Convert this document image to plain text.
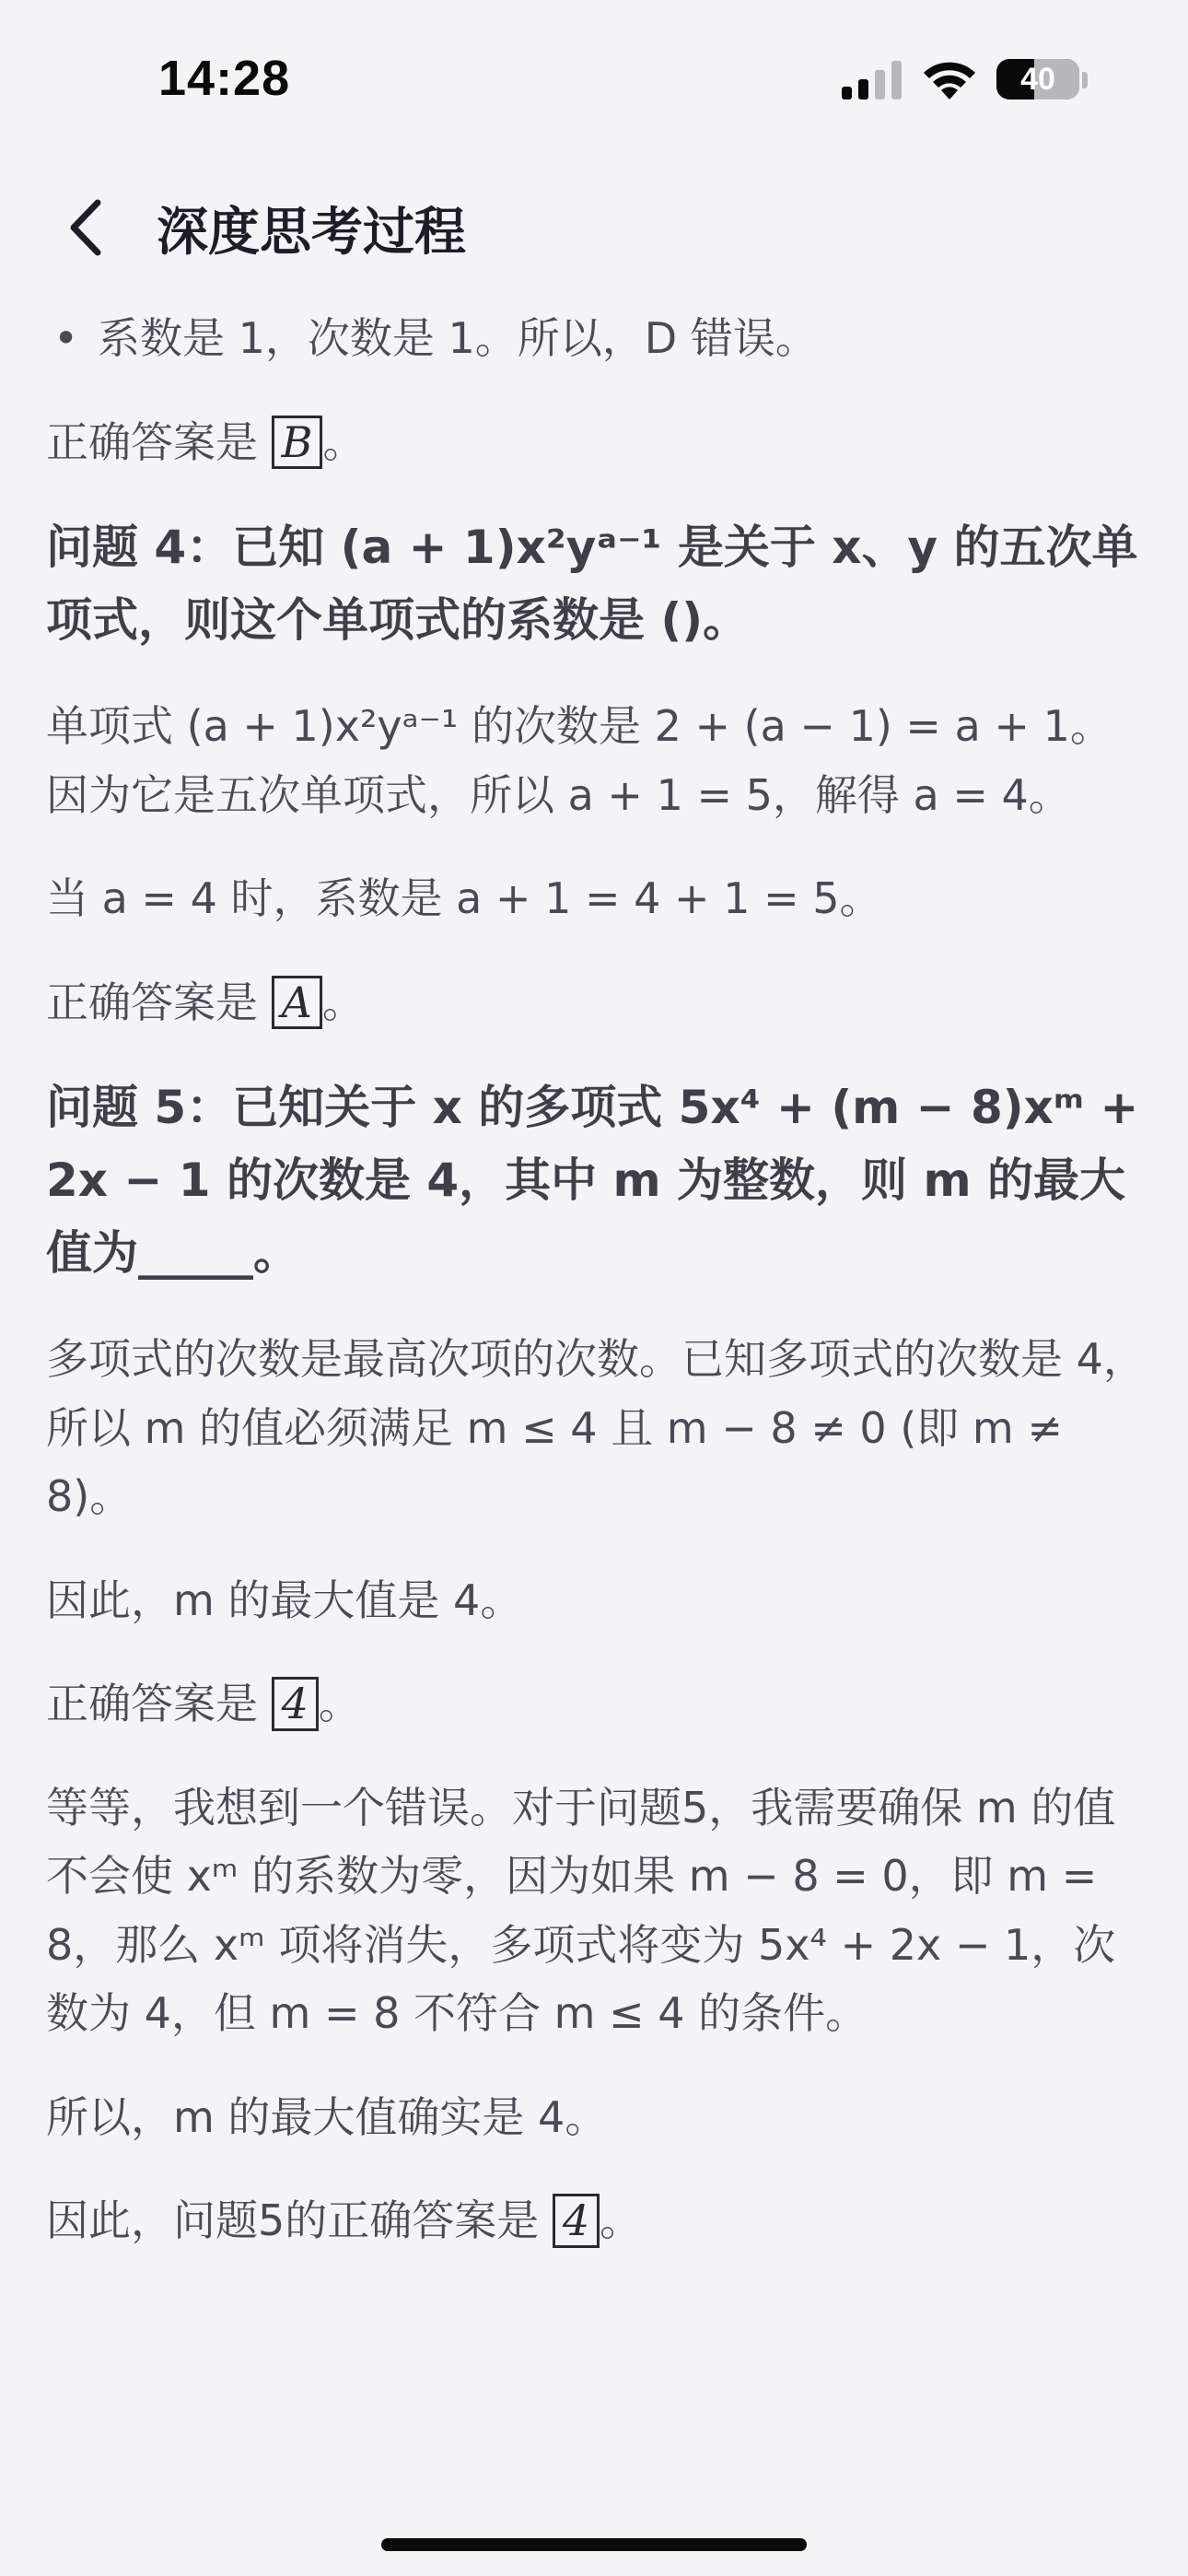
14:28	40
深度思考过程

• 系数是 1，次数是 1。所以，D 错误。

正确答案是 B 。

问题 4：已知 (a + 1)x²yᵃ⁻¹ 是关于 x、y 的五次单项式，则这个单项式的系数是 ()。

单项式 (a + 1)x²yᵃ⁻¹ 的次数是 2 + (a − 1) = a + 1。因为它是五次单项式，所以 a + 1 = 5，解得 a = 4。

当 a = 4 时，系数是 a + 1 = 4 + 1 = 5。

正确答案是 A 。

问题 5：已知关于 x 的多项式 5x⁴ + (m − 8)xᵐ + 2x − 1 的次数是 4，其中 m 为整数，则 m 的最大值为_____。

多项式的次数是最高次项的次数。已知多项式的次数是 4，所以 m 的值必须满足 m ≤ 4 且 m − 8 ≠ 0 (即 m ≠ 8)。

因此，m 的最大值是 4。

正确答案是 4 。

等等，我想到一个错误。对于问题5，我需要确保 m 的值不会使 xᵐ 的系数为零，因为如果 m − 8 = 0，即 m = 8，那么 xᵐ 项将消失，多项式将变为 5x⁴ + 2x − 1，次数为 4，但 m = 8 不符合 m ≤ 4 的条件。

所以，m 的最大值确实是 4。

因此，问题5的正确答案是 4 。
